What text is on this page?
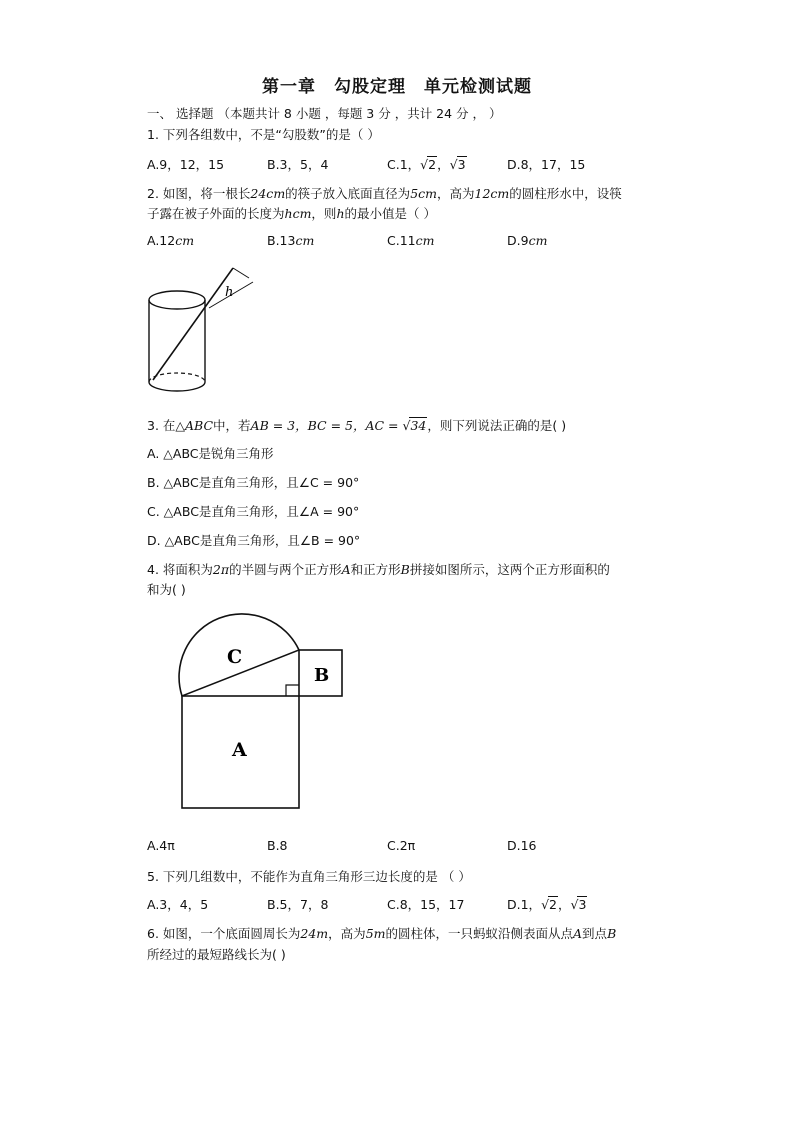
第一章　勾股定理　单元检测试题
一、 选择题 （本题共计 8 小题 ，每题 3 分 ，共计 24 分 ， ）
1. 下列各组数中，不是“勾股数”的是（ ）
A.9，12，15	B.3，5，4	C.1，√2，√3	D.8，17，15
2. 如图，将一根长24cm的筷子放入底面直径为5cm，高为12cm的圆柱形水中，设筷
子露在被子外面的长度为hcm，则h的最小值是（ ）
A.12cm	B.13cm	C.11cm	D.9cm
h
3. 在△ABC中，若AB = 3，BC = 5，AC = √34，则下列说法正确的是( )
A. △ABC是锐角三角形
B. △ABC是直角三角形，且∠C = 90°
C. △ABC是直角三角形，且∠A = 90°
D. △ABC是直角三角形，且∠B = 90°
4. 将面积为2π的半圆与两个正方形A和正方形B拼接如图所示，这两个正方形面积的
和为( )
C
B
A
A.4π	B.8	C.2π	D.16
5. 下列几组数中，不能作为直角三角形三边长度的是 （ ）
A.3，4，5	B.5，7，8	C.8，15，17	D.1，√2，√3
6. 如图，一个底面圆周长为24m，高为5m的圆柱体，一只蚂蚁沿侧表面从点A到点B
所经过的最短路线长为( )
